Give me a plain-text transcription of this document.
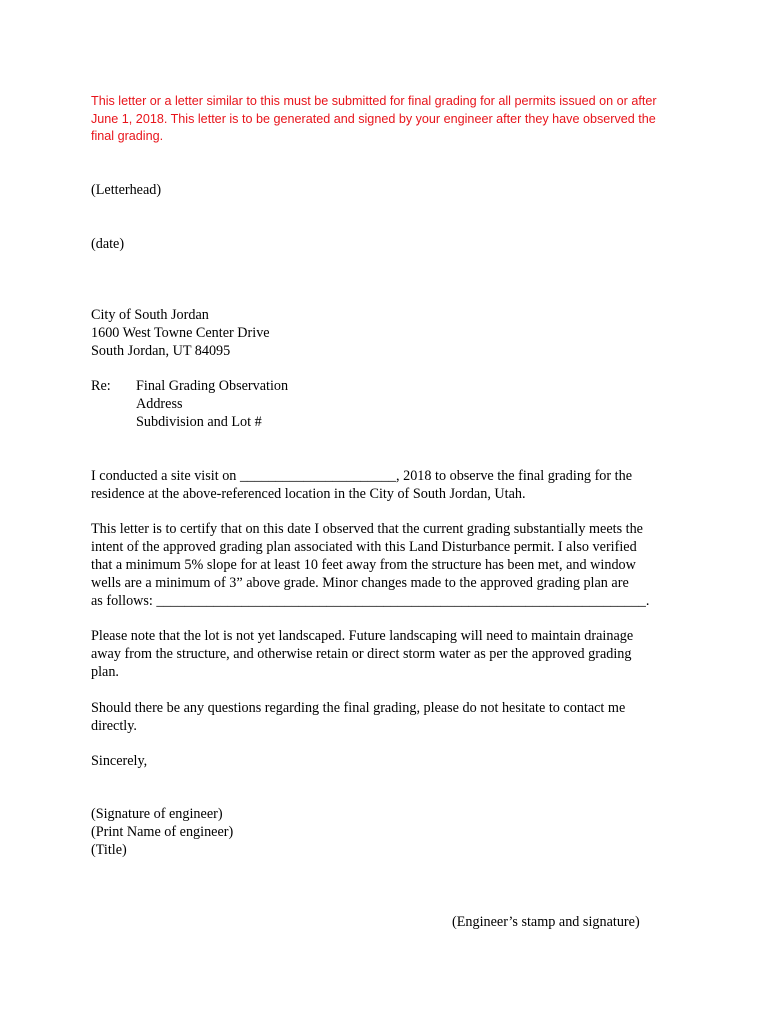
This letter or a letter similar to this must be submitted for final grading for all permits issued on or after
June 1, 2018. This letter is to be generated and signed by your engineer after they have observed the
final grading.
(Letterhead)
(date)
City of South Jordan
1600 West Towne Center Drive
South Jordan, UT 84095
Re: Final Grading Observation
Address
Subdivision and Lot #
I conducted a site visit on ______________________, 2018 to observe the final grading for the
residence at the above-referenced location in the City of South Jordan, Utah.
This letter is to certify that on this date I observed that the current grading substantially meets the
intent of the approved grading plan associated with this Land Disturbance permit. I also verified
that a minimum 5% slope for at least 10 feet away from the structure has been met, and window
wells are a minimum of 3” above grade. Minor changes made to the approved grading plan are
as follows: _____________________________________________________________________.
Please note that the lot is not yet landscaped. Future landscaping will need to maintain drainage
away from the structure, and otherwise retain or direct storm water as per the approved grading
plan.
Should there be any questions regarding the final grading, please do not hesitate to contact me
directly.
Sincerely,
(Signature of engineer)
(Print Name of engineer)
(Title)
(Engineer’s stamp and signature)
